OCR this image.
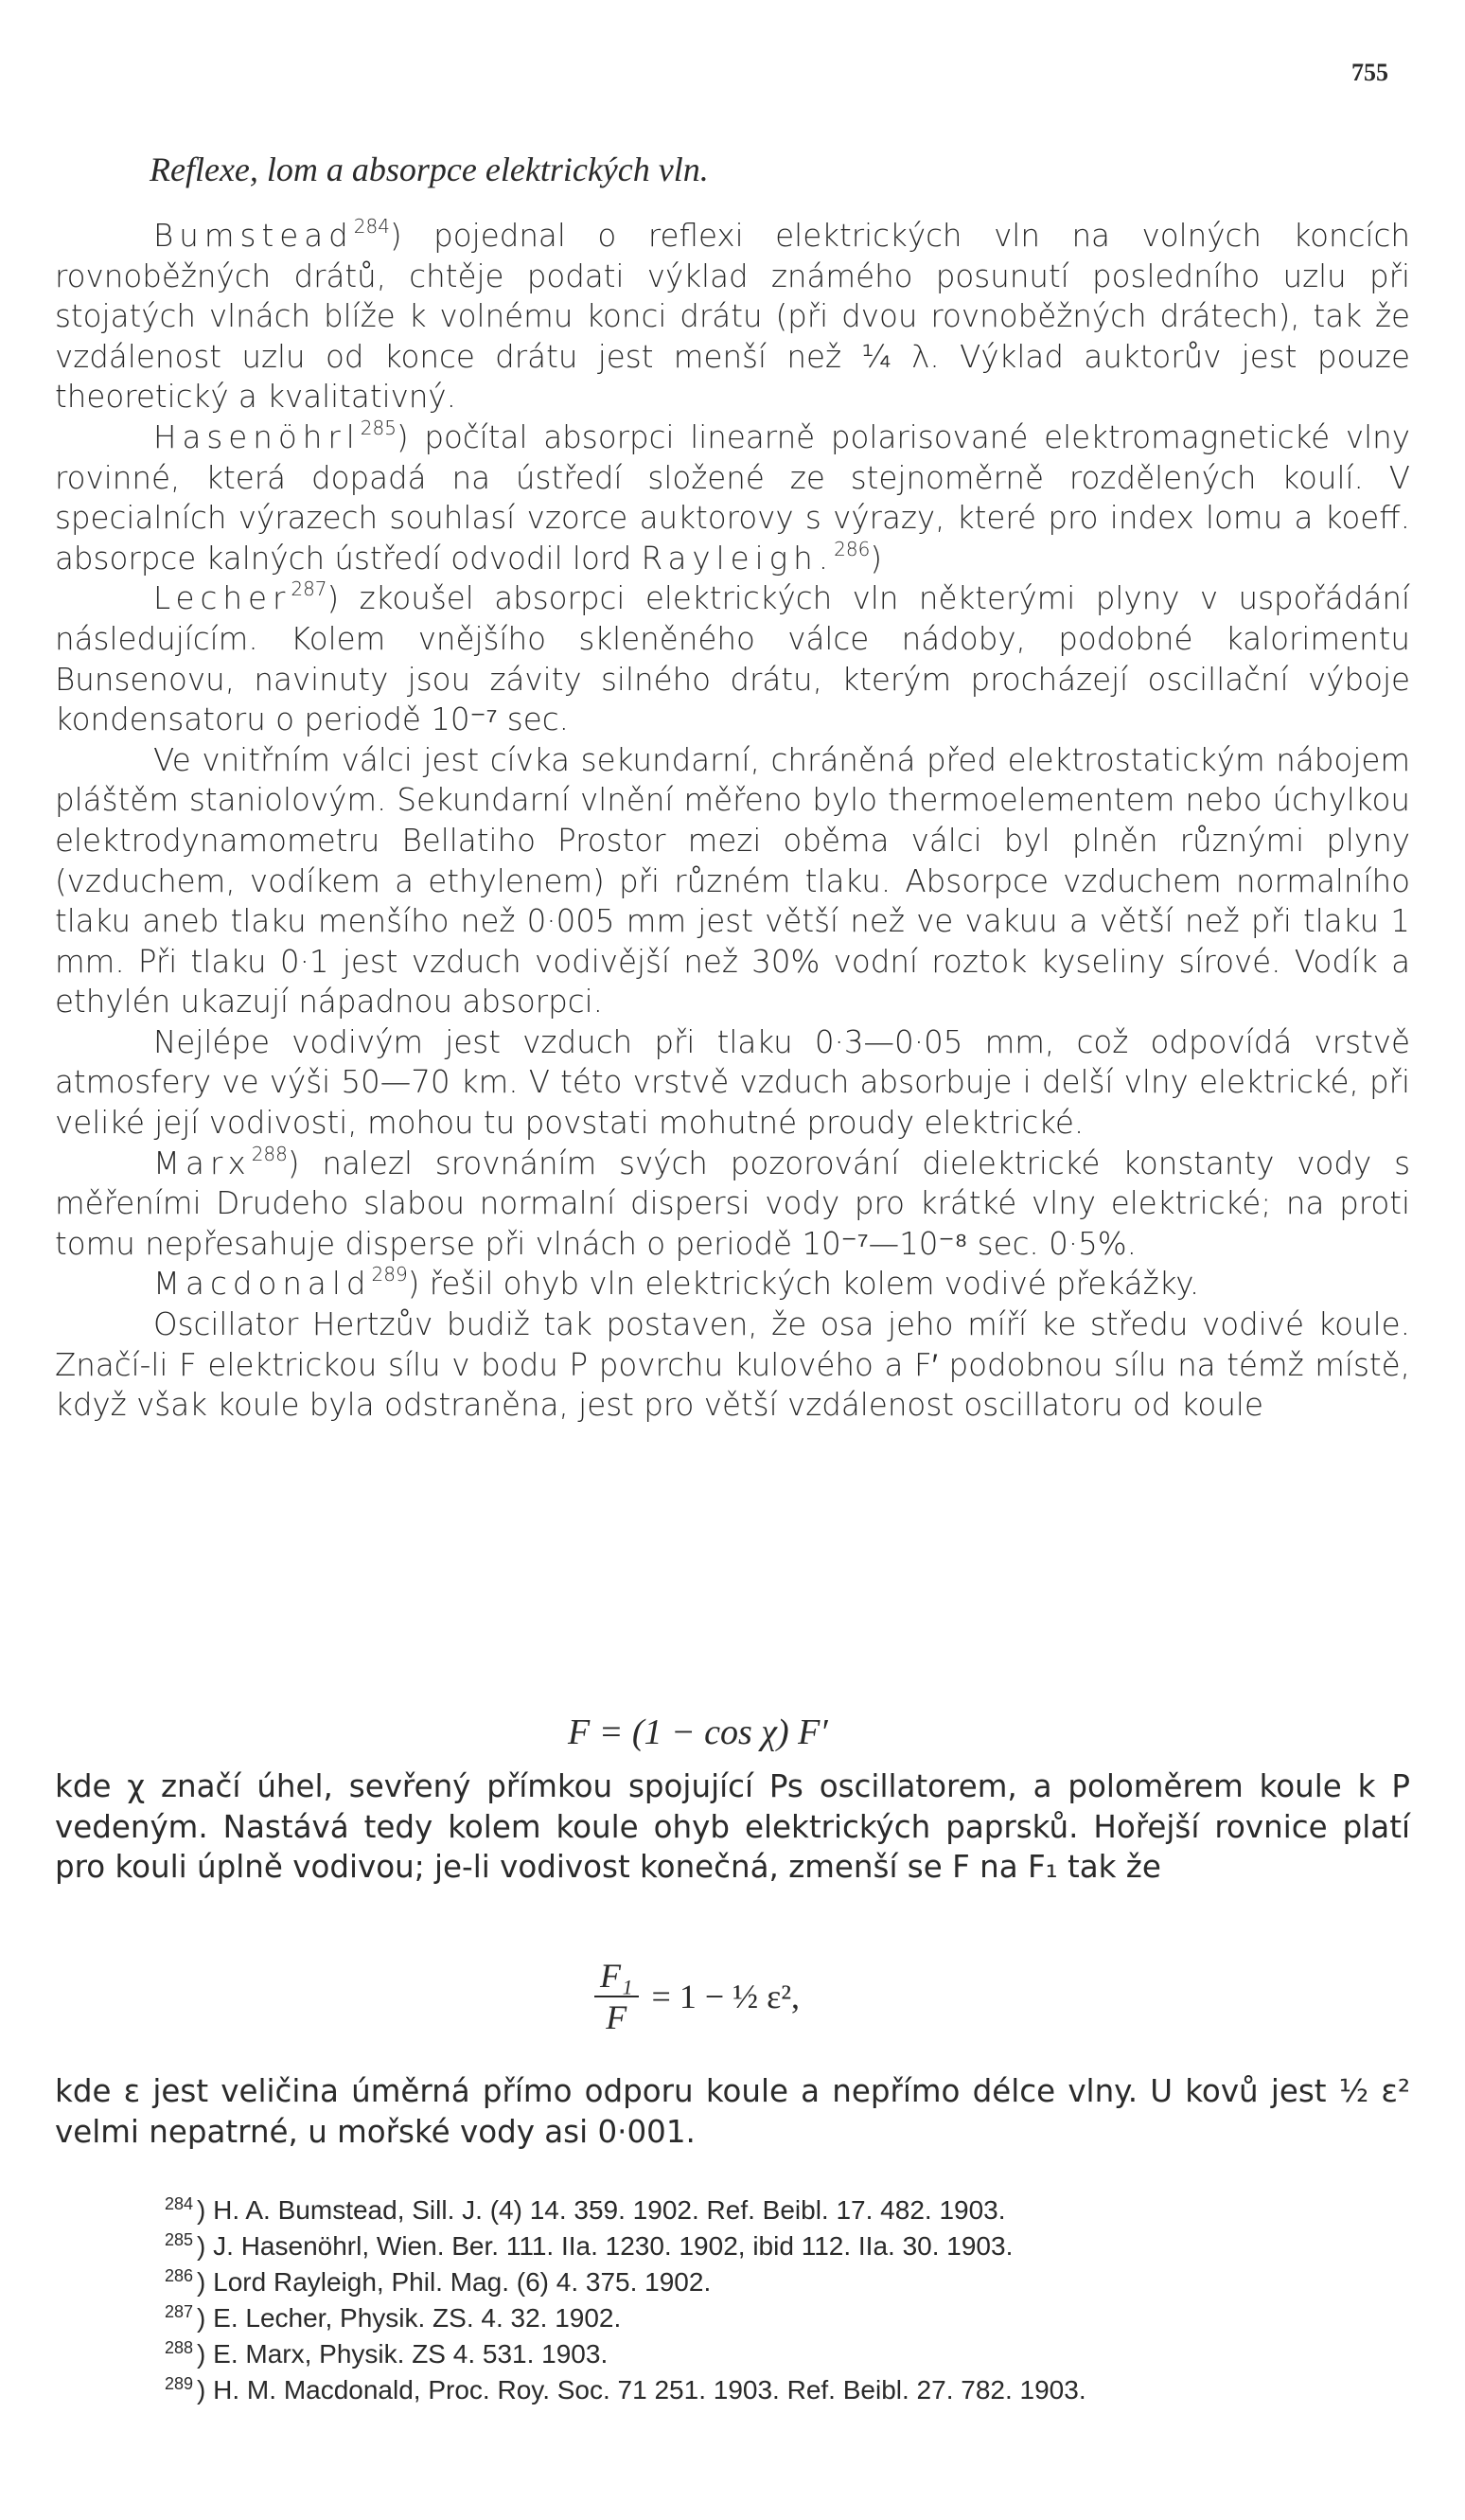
755
Reflexe, lom a absorpce elektrických vln.

Bumstead$^{284}$) pojednal o reflexi elektrických vln na volných koncích rovnoběžných drátů, chtěje podati výklad známého posunutí posledního uzlu při stojatých vlnách blíže k volnému konci drátu (při dvou rovnoběžných drátech), tak že vzdálenost uzlu od konce drátu jest menší než ¼ λ. Výklad auktorův jest pouze theoretický a kvalitativný.

Hasenöhrl$^{285}$) počítal absorpci linearně polarisované elektromagnetické vlny rovinné, která dopadá na ústředí složené ze stejnoměrně rozdělených koulí. V specialních výrazech souhlasí vzorce auktorovy s výrazy, které pro index lomu a koeff. absorpce kalných ústředí odvodil lord Rayleigh.$^{286}$)

Lecher$^{287}$) zkoušel absorpci elektrických vln některými plyny v uspořádání následujícím. Kolem vnějšího skleněného válce nádoby, podobné kalorimentu Bunsenovu, navinuty jsou závity silného drátu, kterým procházejí oscillační výboje kondensatoru o periodě 10⁻⁷ sec.

Ve vnitřním válci jest cívka sekundarní, chráněná před elektrostatickým nábojem pláštěm staniolovým. Sekundarní vlnění měřeno bylo thermoelementem nebo úchylkou elektrodynamometru Bellatiho Prostor mezi oběma válci byl plněn různými plyny (vzduchem, vodíkem a ethylenem) při různém tlaku. Absorpce vzduchem normalního tlaku aneb tlaku menšího než 0·005 mm jest větší než ve vakuu a větší než při tlaku 1 mm. Při tlaku 0·1 jest vzduch vodivější než 30% vodní roztok kyseliny sírové. Vodík a ethylén ukazují nápadnou absorpci.

Nejlépe vodivým jest vzduch při tlaku 0·3—0·05 mm, což odpovídá vrstvě atmosfery ve výši 50—70 km. V této vrstvě vzduch absorbuje i delší vlny elektrické, při veliké její vodivosti, mohou tu povstati mohutné proudy elektrické.

Marx$^{288}$) nalezl srovnáním svých pozorování dielektrické konstanty vody s měřeními Drudeho slabou normalní dispersi vody pro krátké vlny elektrické; na proti tomu nepřesahuje disperse při vlnách o periodě 10⁻⁷—10⁻⁸ sec. 0·5%.

Macdonald$^{289}$) řešil ohyb vln elektrických kolem vodivé překážky.

Oscillator Hertzův budiž tak postaven, že osa jeho míří ke středu vodivé koule. Značí-li F elektrickou sílu v bodu P povrchu kulového a F′ podobnou sílu na témž místě, když však koule byla odstraněna, jest pro větší vzdálenost oscillatoru od koule

F = (1 − cos χ) F′

kde χ značí úhel, sevřený přímkou spojující Ps oscillatorem, a poloměrem koule k P vedeným. Nastává tedy kolem koule ohyb elektrických paprsků. Hořejší rovnice platí pro kouli úplně vodivou; je-li vodivost konečná, zmenší se F na F₁ tak že

$\frac{\text{F₁}}{F} = 1$ − ½ ε²,

kde ε jest veličina úměrná přímo odporu koule a nepřímo délce vlny. U kovů jest ½ ε² velmi nepatrné, u mořské vody asi 0·001.

$^{284}$ ) H. A. Bumstead, Sill. J. (4) 14. 359. 1902. Ref. Beibl. 17. 482. 1903.
$^{285}$ ) J. Hasenöhrl, Wien. Ber. 111. IIa. 1230. 1902, ibid 112. IIa. 30. 1903.
$^{286}$ ) Lord Rayleigh, Phil. Mag. (6) 4. 375. 1902.
$^{287}$ ) E. Lecher, Physik. ZS. 4. 32. 1902.
$^{288}$ ) E. Marx, Physik. ZS 4. 531. 1903.
$^{289}$ ) H. M. Macdonald, Proc. Roy. Soc. 71 251. 1903. Ref. Beibl. 27. 782. 1903.
